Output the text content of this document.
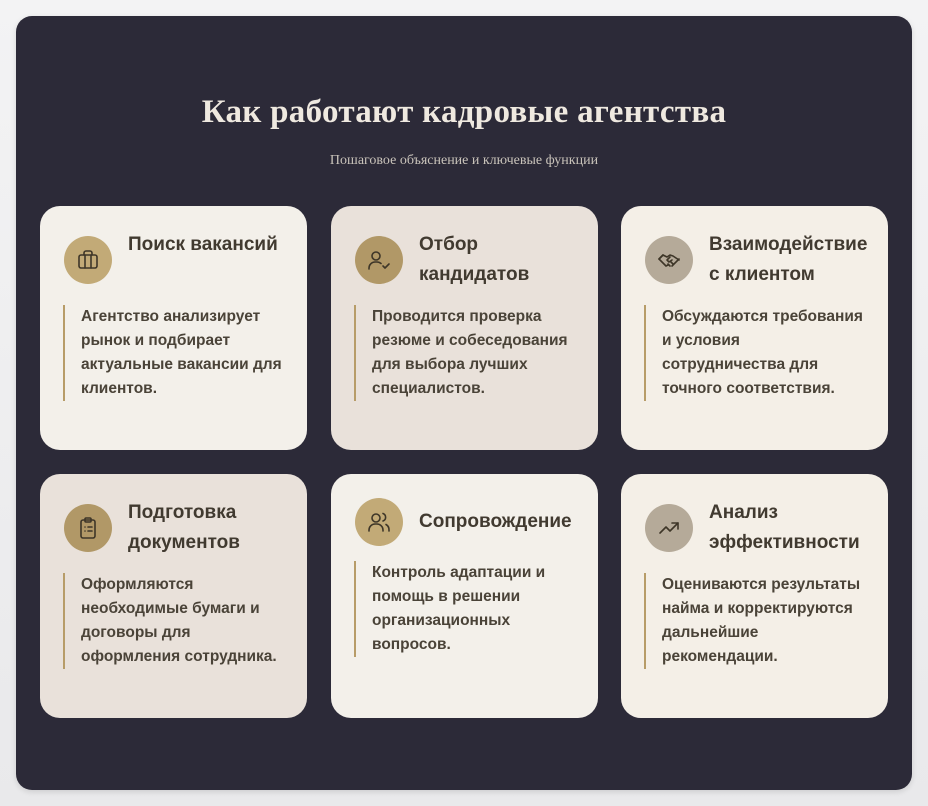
Как работают кадровые агентства

Пошаговое объяснение и ключевые функции

Поиск вакансий

Агентство анализирует рынок и подбирает актуальные вакансии для клиентов.

Отбор кандидатов

Проводится проверка резюме и собеседования для выбора лучших специалистов.

Взаимодействие с клиентом

Обсуждаются требования и условия сотрудничества для точного соответствия.

Подготовка документов

Оформляются необходимые бумаги и договоры для оформления сотрудника.

Сопровождение

Контроль адаптации и помощь в решении организационных вопросов.

Анализ эффективности

Оцениваются результаты найма и корректируются дальнейшие рекомендации.
